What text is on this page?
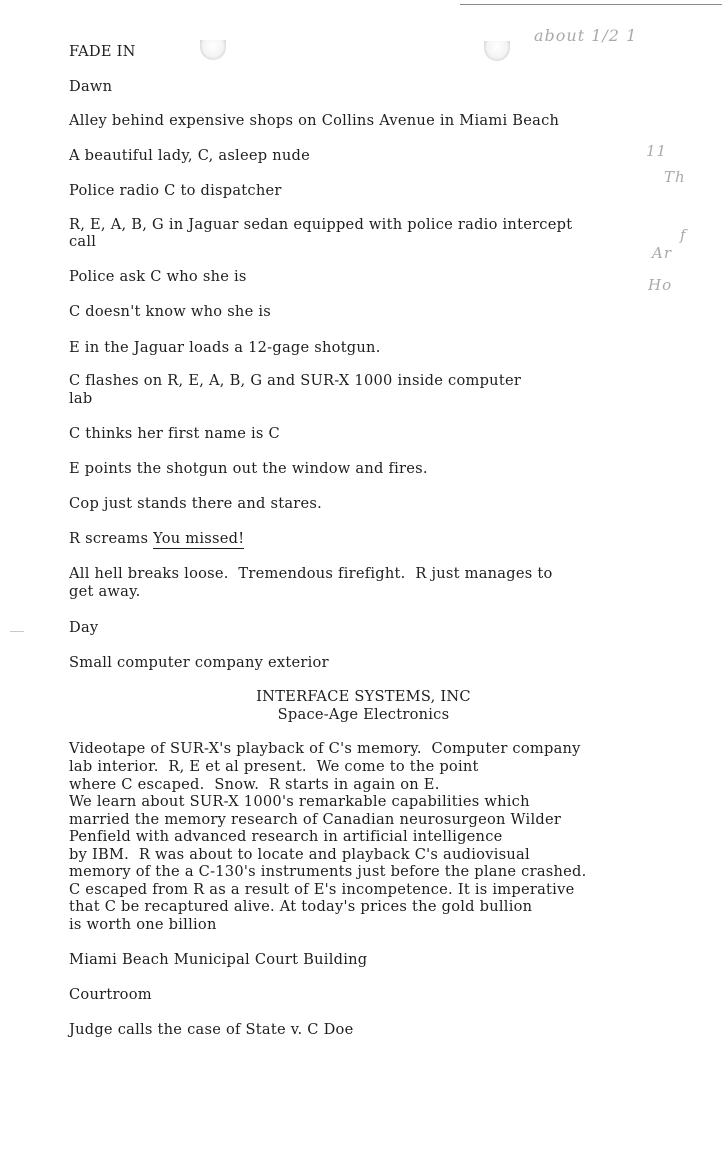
about 1/2 1
11
Th
f
Ar
Ho

FADE IN

Dawn

Alley behind expensive shops on Collins Avenue in Miami Beach

A beautiful lady, C, asleep nude

Police radio C to dispatcher

R, E, A, B, G in Jaguar sedan equipped with police radio intercept

call

Police ask C who she is

C doesn't know who she is

E in the Jaguar loads a 12-gage shotgun.

C flashes on R, E, A, B, G and SUR-X 1000 inside computer

lab

C thinks her first name is C

E points the shotgun out the window and fires.

Cop just stands there and stares.

R screams You missed!

All hell breaks loose.  Tremendous firefight.  R just manages to

get away.

Day

Small computer company exterior

INTERFACE SYSTEMS, INC

Space-Age Electronics

Videotape of SUR-X's playback of C's memory.  Computer company

lab interior.  R, E et al present.  We come to the point

where C escaped.  Snow.  R starts in again on E.

We learn about SUR-X 1000's remarkable capabilities which

married the memory research of Canadian neurosurgeon Wilder

Penfield with advanced research in artificial intelligence

by IBM.  R was about to locate and playback C's audiovisual

memory of the a C-130's instruments just before the plane crashed.

C escaped from R as a result of E's incompetence. It is imperative

that C be recaptured alive. At today's prices the gold bullion

is worth one billion

Miami Beach Municipal Court Building

Courtroom

Judge calls the case of State v. C Doe
